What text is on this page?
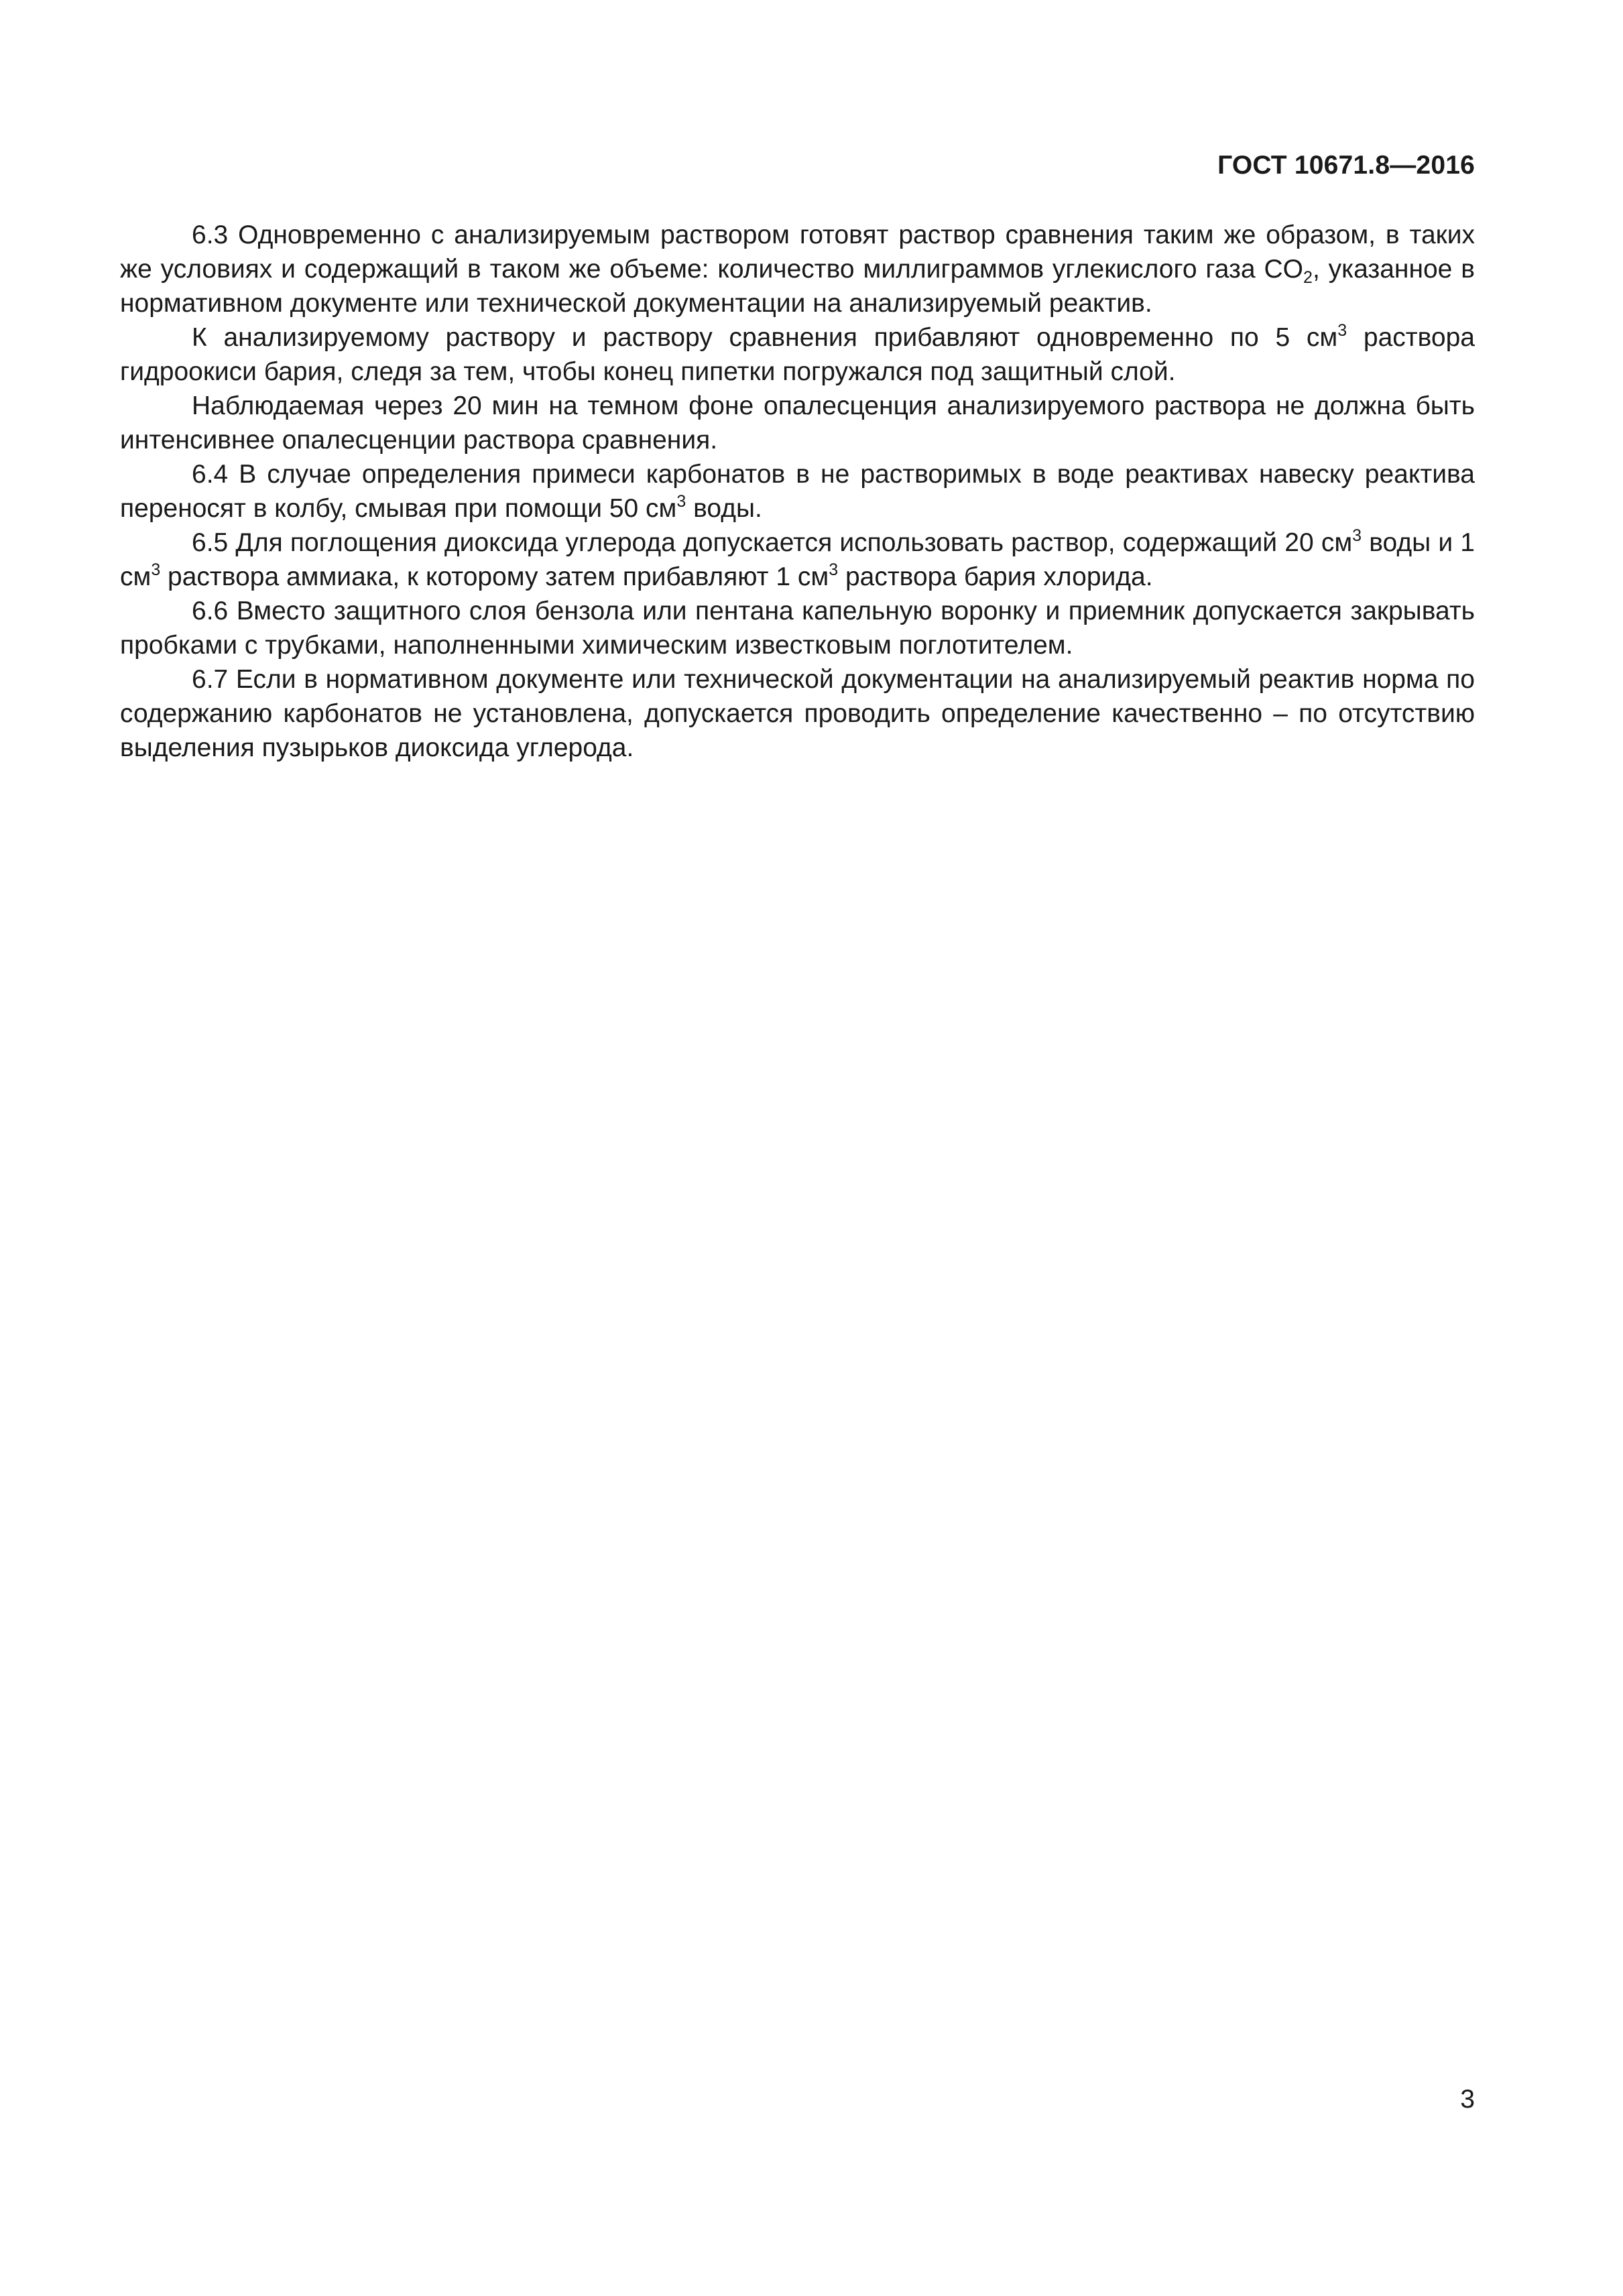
ГОСТ 10671.8—2016

6.3 Одновременно с анализируемым раствором готовят раствор сравнения таким же образом, в таких же условиях и содержащий в таком же объеме: количество миллиграммов углекислого газа $CO_2$, указанное в нормативном документе или технической документации на анализируемый реактив.

К анализируемому раствору и раствору сравнения прибавляют одновременно по 5 $см^3$ раствора гидроокиси бария, следя за тем, чтобы конец пипетки погружался под защитный слой.

Наблюдаемая через 20 мин на темном фоне опалесценция анализируемого раствора не должна быть интенсивнее опалесценции раствора сравнения.

6.4 В случае определения примеси карбонатов в не растворимых в воде реактивах навеску реактива переносят в колбу, смывая при помощи 50 $см^3$ воды.

6.5 Для поглощения диоксида углерода допускается использовать раствор, содержащий 20 $см^3$ воды и 1 $см^3$ раствора аммиака, к которому затем прибавляют 1 $см^3$ раствора бария хлорида.

6.6 Вместо защитного слоя бензола или пентана капельную воронку и приемник допускается закрывать пробками с трубками, наполненными химическим известковым поглотителем.

6.7 Если в нормативном документе или технической документации на анализируемый реактив норма по содержанию карбонатов не установлена, допускается проводить определение качественно – по отсутствию выделения пузырьков диоксида углерода.

3
